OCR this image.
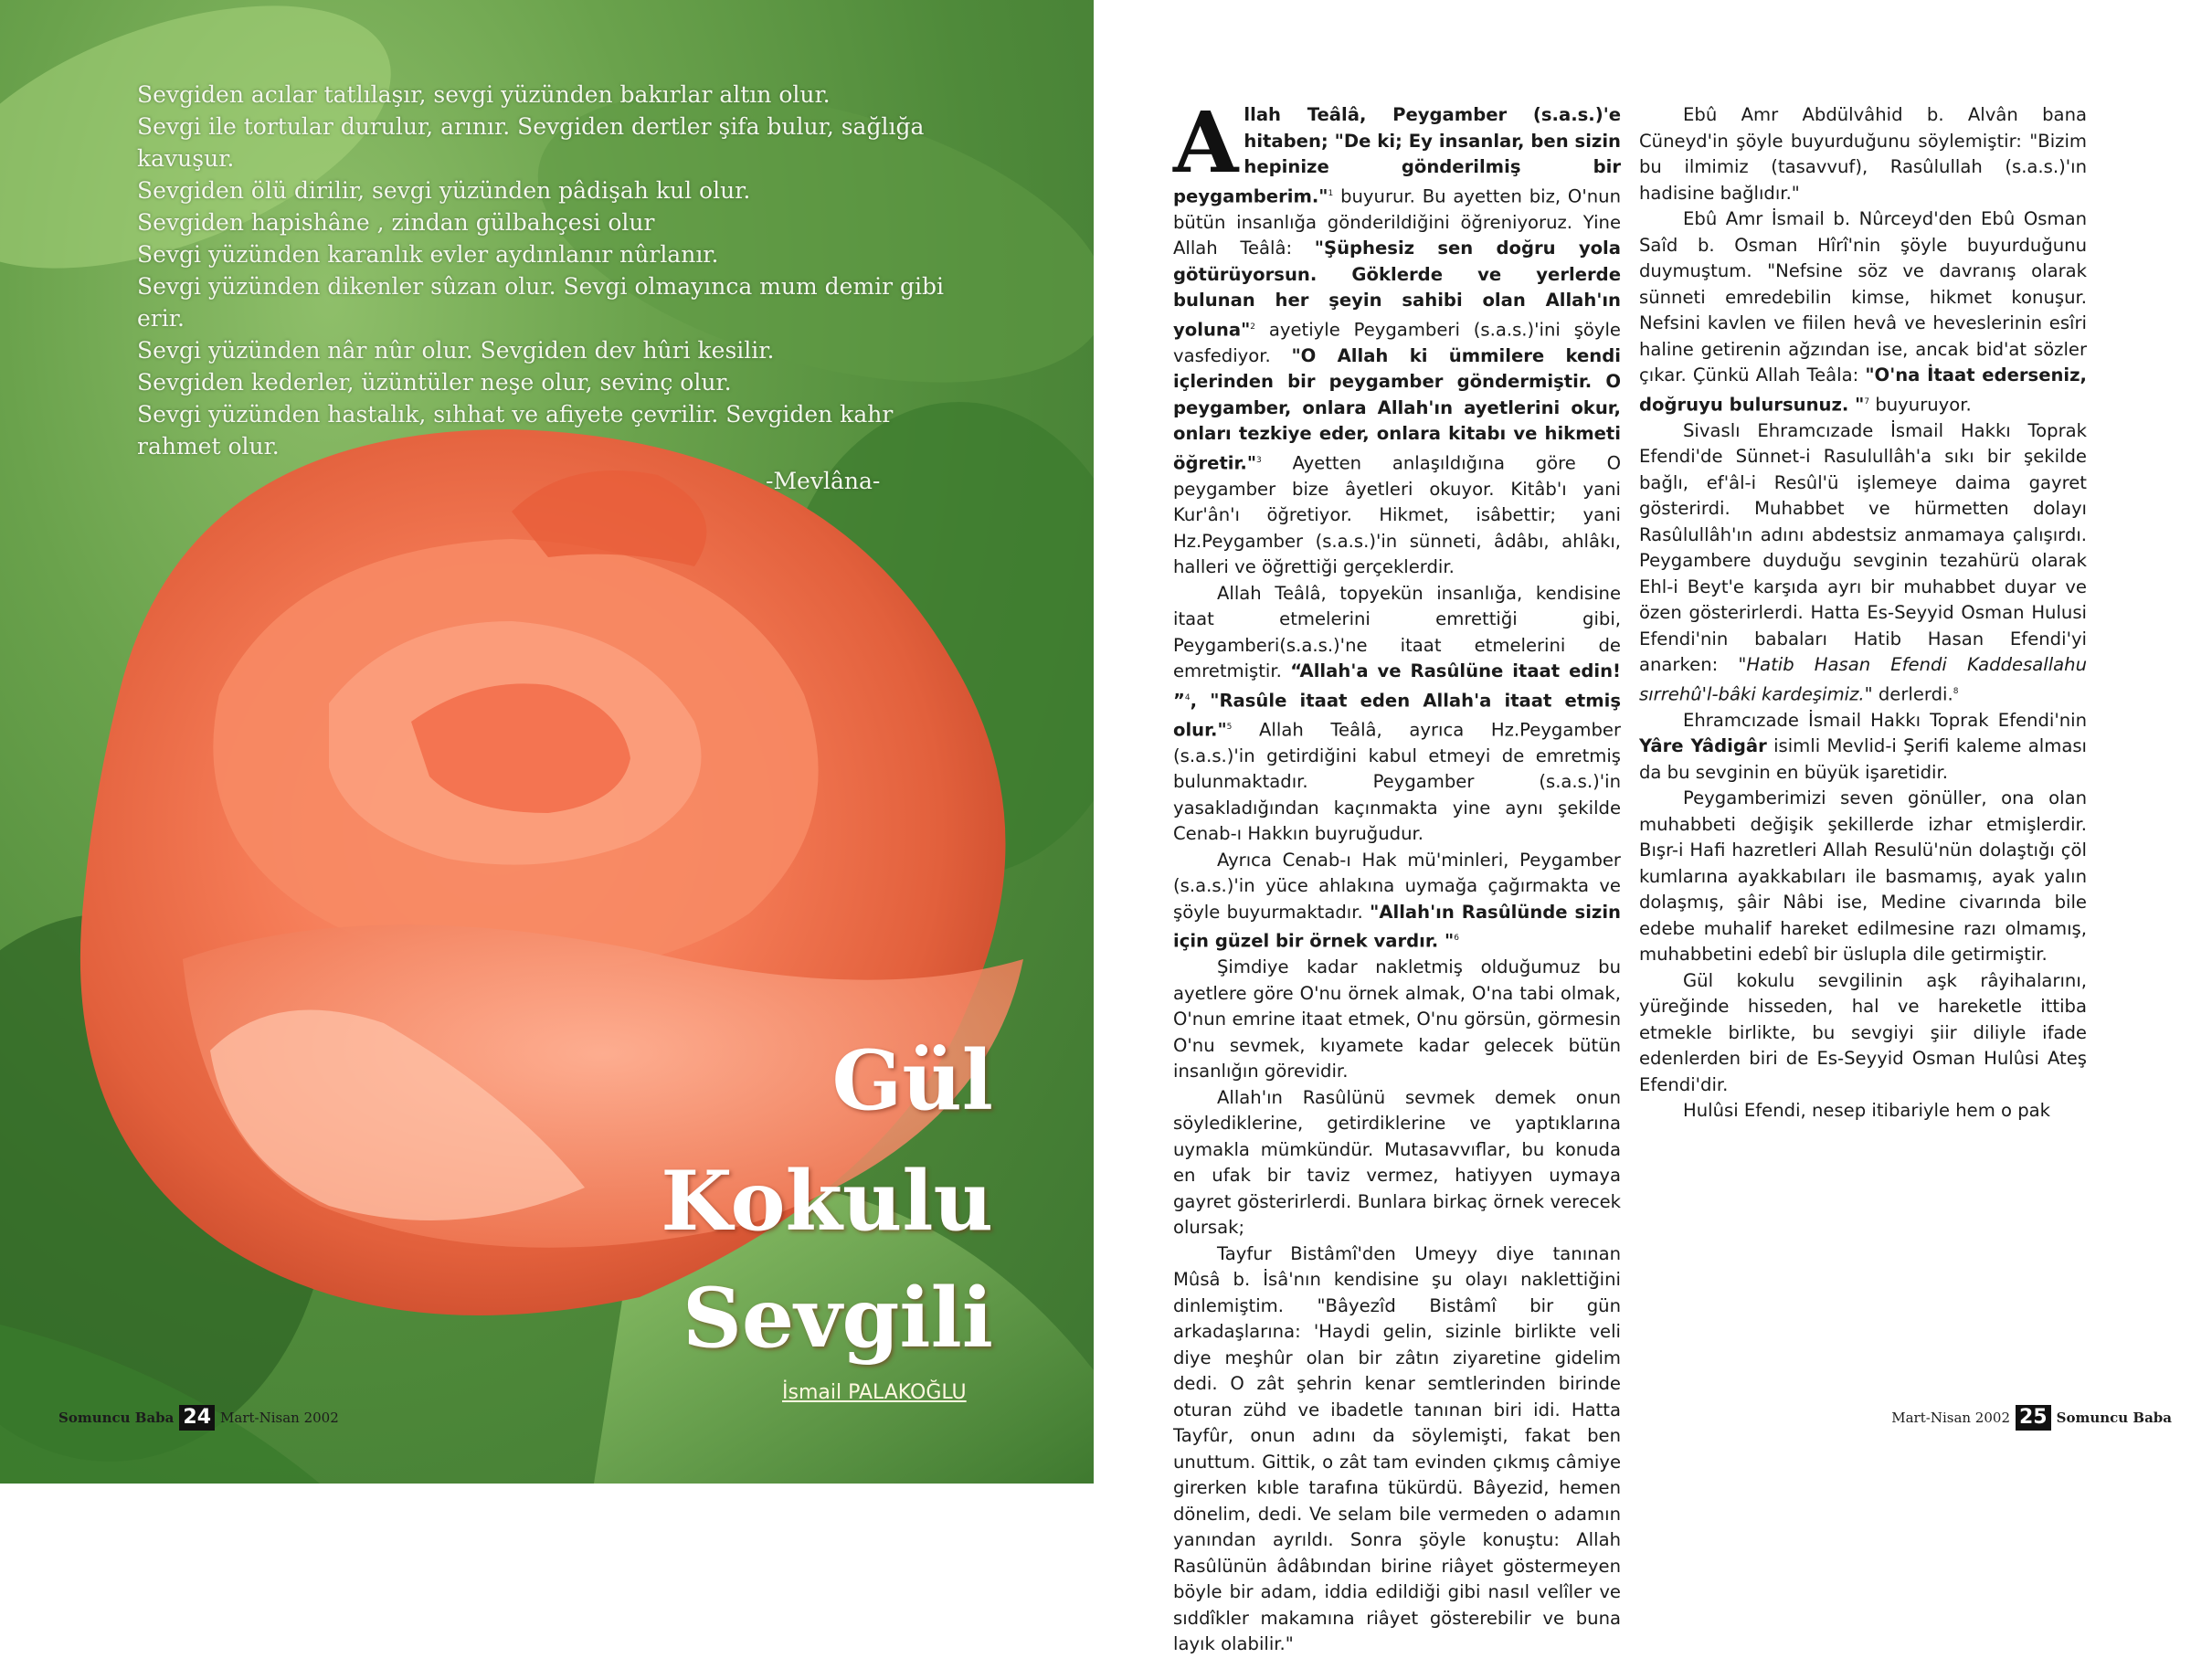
Sevgiden acılar tatlılaşır, sevgi yüzünden bakırlar altın olur.

Sevgi ile tortular durulur, arınır. Sevgiden dertler şifa bulur, sağlığa kavuşur.

Sevgiden ölü dirilir, sevgi yüzünden pâdişah kul olur.

Sevgiden hapishâne , zindan gülbahçesi olur

Sevgi yüzünden karanlık evler aydınlanır nûrlanır.

Sevgi yüzünden dikenler sûzan olur. Sevgi olmayınca mum demir gibi erir.

Sevgi yüzünden nâr nûr olur. Sevgiden dev hûri kesilir.

Sevgiden kederler, üzüntüler neşe olur, sevinç olur.

Sevgi yüzünden hastalık, sıhhat ve afiyete çevrilir. Sevgiden kahr rahmet olur.

-Mevlâna-
Gül
Kokulu
Sevgili
İsmail PALAKOĞLU
Somuncu Baba 24 Mart-Nisan 2002

Allah Teâlâ, Peygamber (s.a.s.)'e hitaben; "De ki; Ey insanlar, ben sizin hepinize gönderilmiş bir peygamberim."$^1$ buyurur. Bu ayetten biz, O'nun bütün insanlığa gönderildiğini öğreniyoruz. Yine Allah Teâlâ: "Şüphesiz sen doğru yola götürüyorsun. Göklerde ve yerlerde bulunan her şeyin sahibi olan Allah'ın yoluna"$^2$ ayetiyle Peygamberi (s.a.s.)'ini şöyle vasfediyor. "O Allah ki ümmilere kendi içlerinden bir peygamber göndermiştir. O peygamber, onlara Allah'ın ayetlerini okur, onları tezkiye eder, onlara kitabı ve hikmeti öğretir."$^3$ Ayetten anlaşıldığına göre O peygamber bize âyetleri okuyor. Kitâb'ı yani Kur'ân'ı öğretiyor. Hikmet, isâbettir; yani Hz.Peygamber (s.a.s.)'in sünneti, âdâbı, ahlâkı, halleri ve öğrettiği gerçeklerdir.

Allah Teâlâ, topyekün insanlığa, kendisine itaat etmelerini emrettiği gibi, Peygamberi(s.a.s.)'ne itaat etmelerini de emretmiştir. “Allah'a ve Rasûlüne itaat edin! ”$^4$, "Rasûle itaat eden Allah'a itaat etmiş olur."$^5$ Allah Teâlâ, ayrıca Hz.Peygamber (s.a.s.)'in getirdiğini kabul etmeyi de emretmiş bulunmaktadır. Peygamber (s.a.s.)'in yasakladığından kaçınmakta yine aynı şekilde Cenab-ı Hakkın buyruğudur.

Ayrıca Cenab-ı Hak mü'minleri, Peygamber (s.a.s.)'in yüce ahlakına uymağa çağırmakta ve şöyle buyurmaktadır. "Allah'ın Rasûlünde sizin için güzel bir örnek vardır. "$^6$

Şimdiye kadar nakletmiş olduğumuz bu ayetlere göre O'nu örnek almak, O'na tabi olmak, O'nun emrine itaat etmek, O'nu görsün, görmesin O'nu sevmek, kıyamete kadar gelecek bütün insanlığın görevidir.

Allah'ın Rasûlünü sevmek demek onun söylediklerine, getirdiklerine ve yaptıklarına uymakla mümkündür. Mutasavvıflar, bu konuda en ufak bir taviz vermez, hatiyyen uymaya gayret gösterirlerdi. Bunlara birkaç örnek verecek olursak;

Tayfur Bistâmî'den Umeyy diye tanınan Mûsâ b. İsâ'nın kendisine şu olayı naklettiğini dinlemiştim. "Bâyezîd Bistâmî bir gün arkadaşlarına: 'Haydi gelin, sizinle birlikte veli diye meşhûr olan bir zâtın ziyaretine gidelim dedi. O zât şehrin kenar semtlerinden birinde oturan zühd ve ibadetle tanınan biri idi. Hatta Tayfûr, onun adını da söylemişti, fakat ben unuttum. Gittik, o zât tam evinden çıkmış câmiye girerken kıble tarafına tükürdü. Bâyezid, hemen dönelim, dedi. Ve selam bile vermeden o adamın yanından ayrıldı. Sonra şöyle konuştu: Allah Rasûlünün âdâbından birine riâyet göstermeyen böyle bir adam, iddia edildiği gibi nasıl velîler ve sıddîkler makamına riâyet gösterebilir ve buna layık olabilir."

Ebû Amr Abdülvâhid b. Alvân bana Cüneyd'in şöyle buyurduğunu söylemiştir: "Bizim bu ilmimiz (tasavvuf), Rasûlullah (s.a.s.)'ın hadisine bağlıdır."

Ebû Amr İsmail b. Nûrceyd'den Ebû Osman Saîd b. Osman Hîrî'nin şöyle buyurduğunu duymuştum. "Nefsine söz ve davranış olarak sünneti emredebilin kimse, hikmet konuşur. Nefsini kavlen ve fiilen hevâ ve heveslerinin esîri haline getirenin ağzından ise, ancak bid'at sözler çıkar. Çünkü Allah Teâla: "O'na İtaat ederseniz, doğruyu bulursunuz. "$^7$ buyuruyor.

Sivaslı Ehramcızade İsmail Hakkı Toprak Efendi'de Sünnet-i Rasulullâh'a sıkı bir şekilde bağlı, ef'âl-i Resûl'ü işlemeye daima gayret gösterirdi. Muhabbet ve hürmetten dolayı Rasûlullâh'ın adını abdestsiz anmamaya çalışırdı. Peygambere duyduğu sevginin tezahürü olarak Ehl-i Beyt'e karşıda ayrı bir muhabbet duyar ve özen gösterirlerdi. Hatta Es-Seyyid Osman Hulusi Efendi'nin babaları Hatib Hasan Efendi'yi anarken: "Hatib Hasan Efendi Kaddesallahu sırrehû'l-bâki kardeşimiz." derlerdi.$^8$

Ehramcızade İsmail Hakkı Toprak Efendi'nin Yâre Yâdigâr isimli Mevlid-i Şerifi kaleme alması da bu sevginin en büyük işaretidir.

Peygamberimizi seven gönüller, ona olan muhabbeti değişik şekillerde izhar etmişlerdir. Bışr-i Hafi hazretleri Allah Resulü'nün dolaştığı çöl kumlarına ayakkabıları ile basmamış, ayak yalın dolaşmış, şâir Nâbi ise, Medine civarında bile edebe muhalif hareket edilmesine razı olmamış, muhabbetini edebî bir üslupla dile getirmiştir.

Gül kokulu sevgilinin aşk râyihalarını, yüreğinde hisseden, hal ve hareketle ittiba etmekle birlikte, bu sevgiyi şiir diliyle ifade edenlerden biri de Es-Seyyid Osman Hulûsi Ateş Efendi'dir.

Hulûsi Efendi, nesep itibariyle hem o pak

Mart-Nisan 2002 25 Somuncu Baba
